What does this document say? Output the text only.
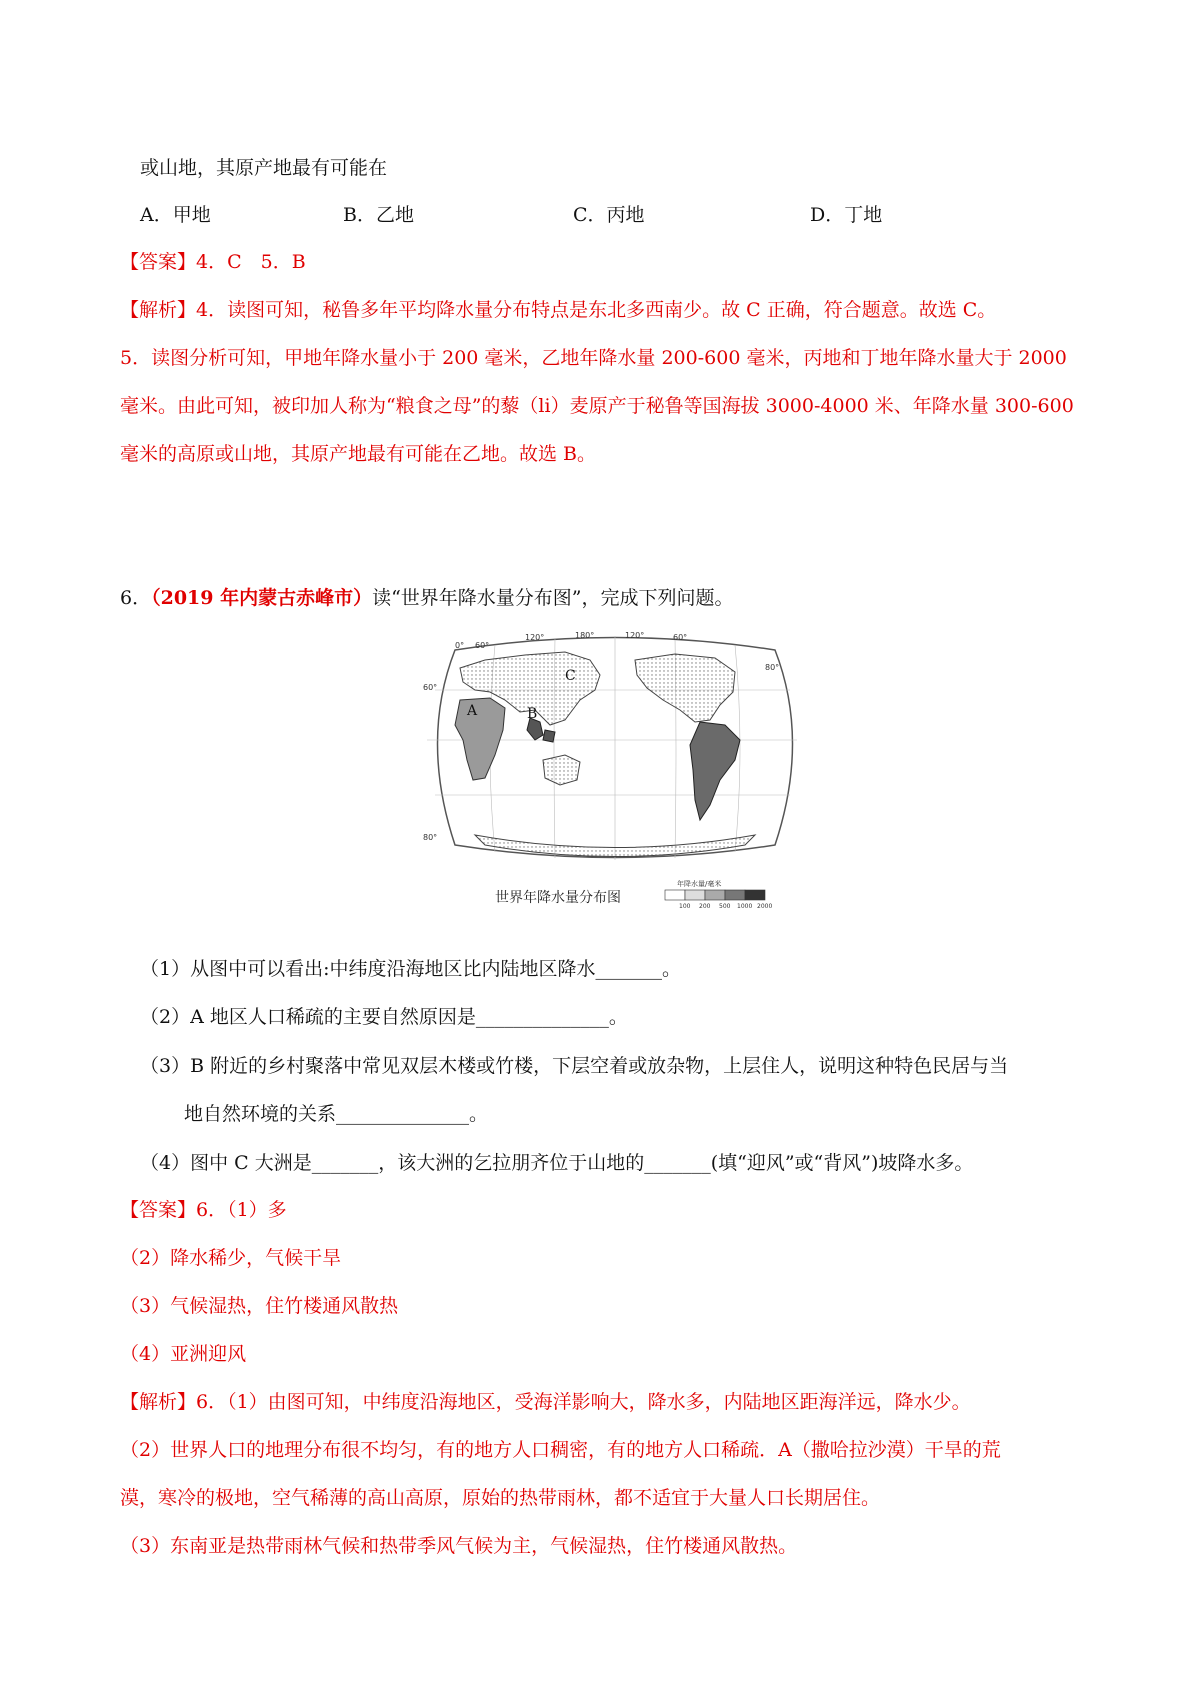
或山地，其原产地最有可能在
A．甲地	B．乙地	C．丙地	D．丁地
【答案】4．C　5．B
【解析】4．读图可知，秘鲁多年平均降水量分布特点是东北多西南少。故 C 正确，符合题意。故选 C。
5．读图分析可知，甲地年降水量小于 200 毫米，乙地年降水量 200-600 毫米，丙地和丁地年降水量大于 2000
毫米。由此可知，被印加人称为“粮食之母”的藜（li）麦原产于秘鲁等国海拔 3000-4000 米、年降水量 300-600
毫米的高原或山地，其原产地最有可能在乙地。故选 B。
6．（2019 年内蒙古赤峰市）读“世界年降水量分布图”，完成下列问题。
0° 60°
120°	180°	120°	60°
80°
80°
60°
A	B
C
世界年降水量分布图
年降水量/毫米
100 200 500 1000 2000
（1）从图中可以看出:中纬度沿海地区比内陆地区降水_______。
（2）A 地区人口稀疏的主要自然原因是______________。
（3）B 附近的乡村聚落中常见双层木楼或竹楼，下层空着或放杂物，上层住人，说明这种特色民居与当
地自然环境的关系______________。
（4）图中 C 大洲是_______，该大洲的乞拉朋齐位于山地的_______(填“迎风”或“背风”)坡降水多。
【答案】6．（1）多
（2）降水稀少，气候干旱
（3）气候湿热，住竹楼通风散热
（4）亚洲迎风
【解析】6．（1）由图可知，中纬度沿海地区，受海洋影响大，降水多，内陆地区距海洋远，降水少。
（2）世界人口的地理分布很不均匀，有的地方人口稠密，有的地方人口稀疏．A（撒哈拉沙漠）干旱的荒
漠，寒冷的极地，空气稀薄的高山高原，原始的热带雨林，都不适宜于大量人口长期居住。
（3）东南亚是热带雨林气候和热带季风气候为主，气候湿热，住竹楼通风散热。
